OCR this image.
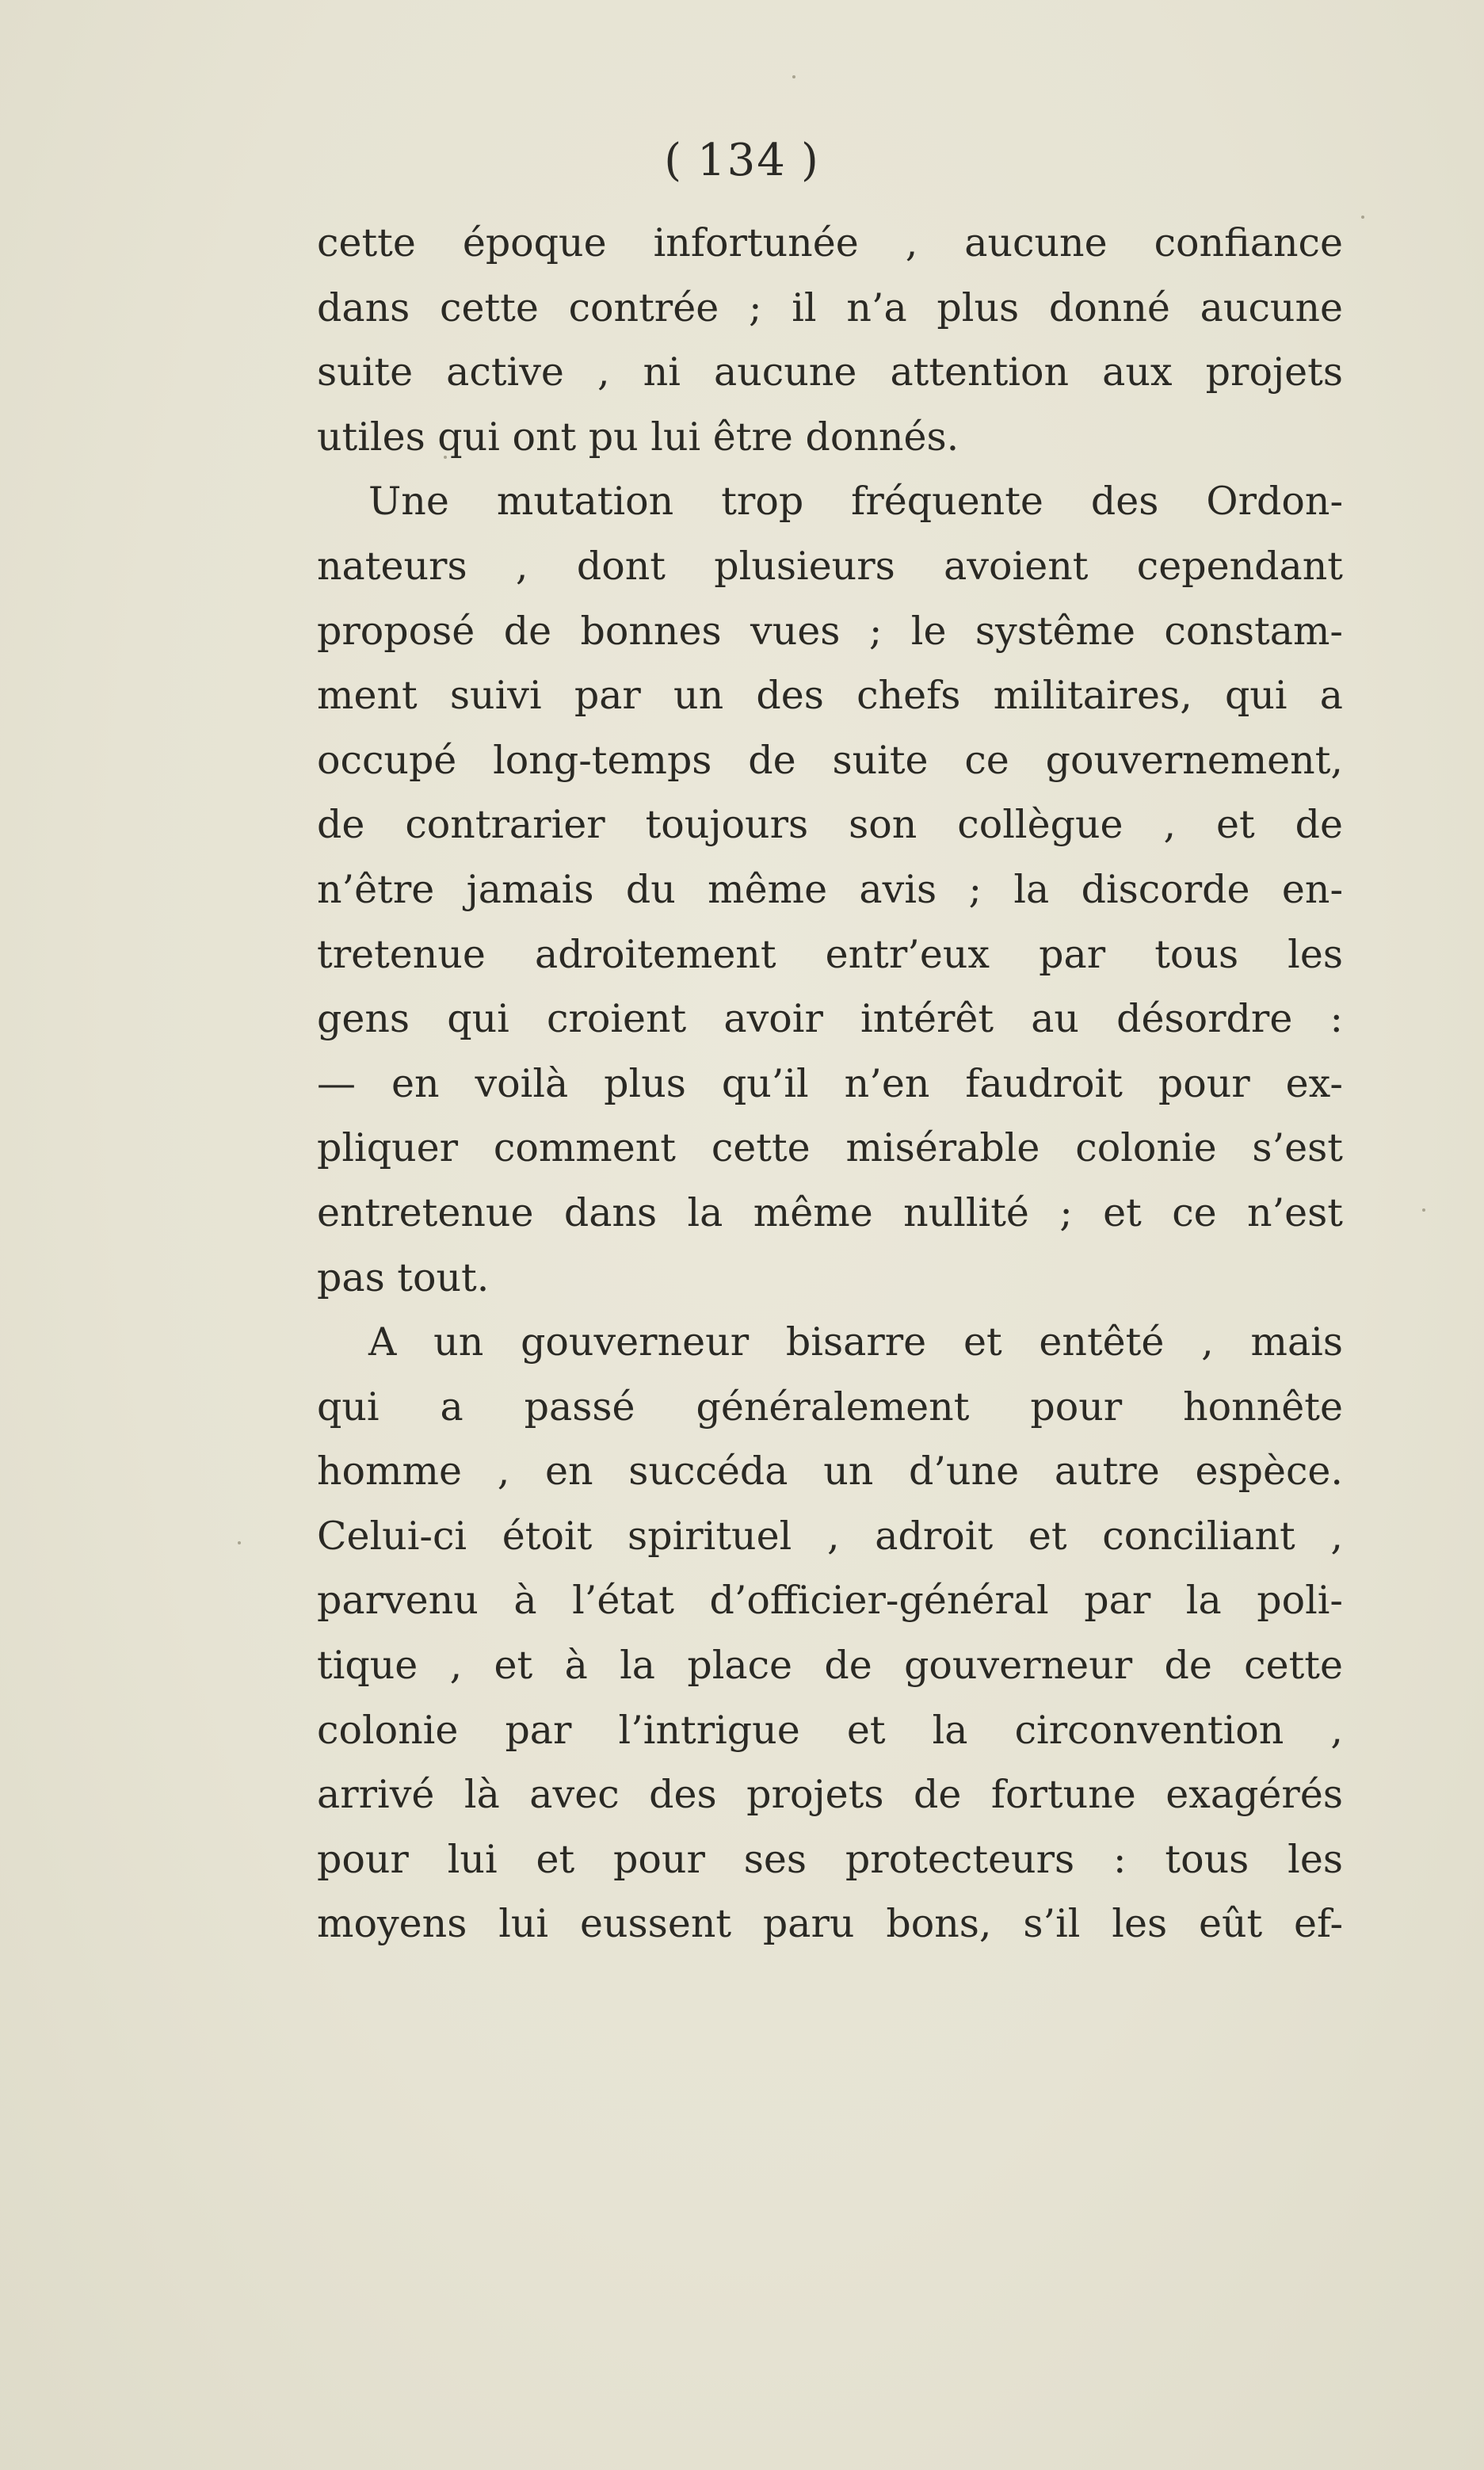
( 134 )
cette époque infortunée , aucune confiance
dans cette contrée ; il n’a plus donné aucune
suite active , ni aucune attention aux projets
utiles qui ont pu lui être donnés.
Une mutation trop fréquente des Ordon-
nateurs , dont plusieurs avoient cependant
proposé de bonnes vues ; le systême constam-
ment suivi par un des chefs militaires, qui a
occupé long-temps de suite ce gouvernement,
de contrarier toujours son collègue , et de
n’être jamais du même avis ; la discorde en-
tretenue adroitement entr’eux par tous les
gens qui croient avoir intérêt au désordre :
— en voilà plus qu’il n’en faudroit pour ex-
pliquer comment cette misérable colonie s’est
entretenue dans la même nullité ; et ce n’est
pas tout.
A un gouverneur bisarre et entêté , mais
qui a passé généralement pour honnête
homme , en succéda un d’une autre espèce.
Celui-ci étoit spirituel , adroit et conciliant ,
parvenu à l’état d’officier-général par la poli-
tique , et à la place de gouverneur de cette
colonie par l’intrigue et la circonvention ,
arrivé là avec des projets de fortune exagérés
pour lui et pour ses protecteurs : tous les
moyens lui eussent paru bons, s’il les eût ef-
